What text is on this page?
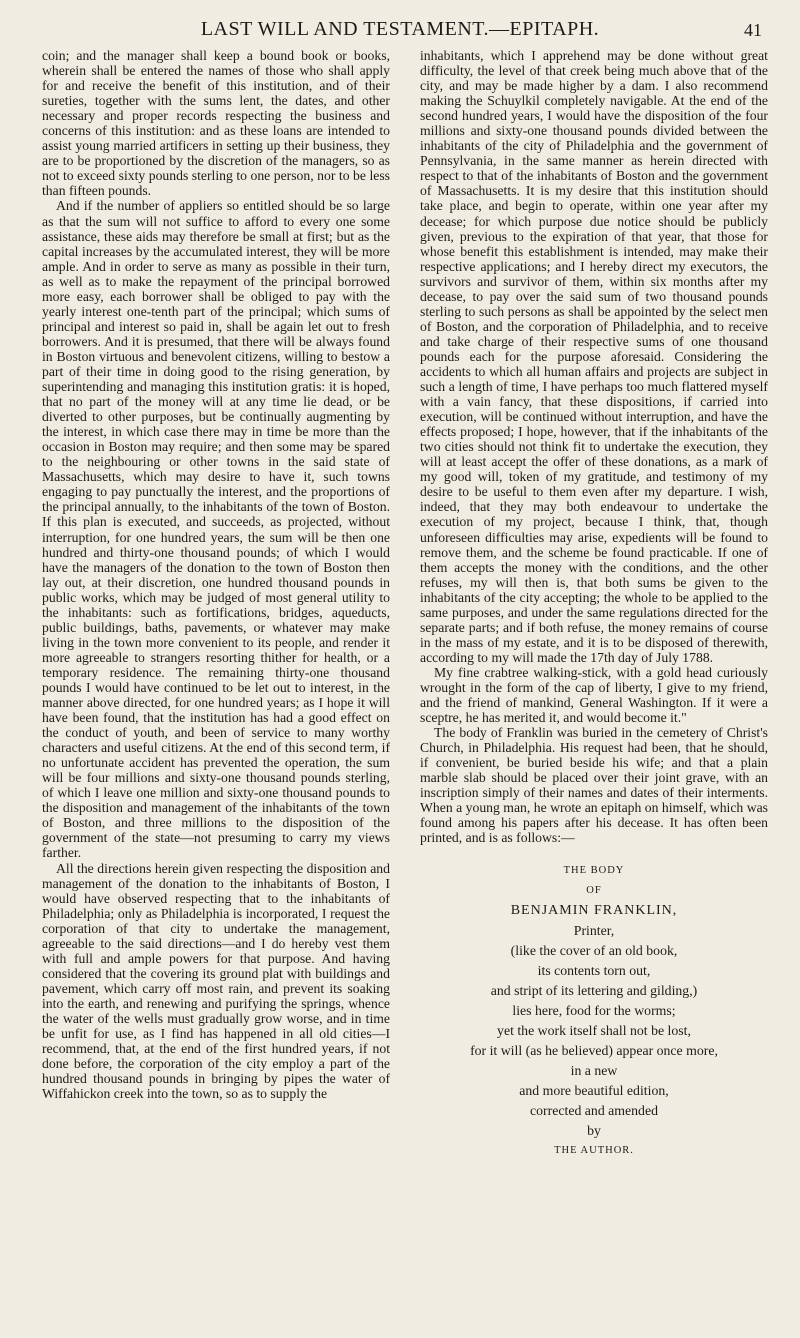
LAST WILL AND TESTAMENT.—EPITAPH.	41

coin; and the manager shall keep a bound book or books, wherein shall be entered the names of those who shall apply for and receive the benefit of this institution, and of their sureties, together with the sums lent, the dates, and other necessary and proper records respecting the business and concerns of this institution: and as these loans are intended to assist young married artificers in setting up their business, they are to be proportioned by the discretion of the managers, so as not to exceed sixty pounds sterling to one person, nor to be less than fifteen pounds.

And if the number of appliers so entitled should be so large as that the sum will not suffice to afford to every one some assistance, these aids may therefore be small at first; but as the capital increases by the accumulated interest, they will be more ample. And in order to serve as many as possible in their turn, as well as to make the repayment of the principal borrowed more easy, each borrower shall be obliged to pay with the yearly interest one-tenth part of the principal; which sums of principal and interest so paid in, shall be again let out to fresh borrowers. And it is presumed, that there will be always found in Boston virtuous and benevolent citizens, willing to bestow a part of their time in doing good to the rising generation, by superintending and managing this institution gratis: it is hoped, that no part of the money will at any time lie dead, or be diverted to other purposes, but be continually augmenting by the interest, in which case there may in time be more than the occasion in Boston may require; and then some may be spared to the neighbouring or other towns in the said state of Massachusetts, which may desire to have it, such towns engaging to pay punctually the interest, and the proportions of the principal annually, to the inhabitants of the town of Boston. If this plan is executed, and succeeds, as projected, without interruption, for one hundred years, the sum will be then one hundred and thirty-one thousand pounds; of which I would have the managers of the donation to the town of Boston then lay out, at their discretion, one hundred thousand pounds in public works, which may be judged of most general utility to the inhabitants: such as fortifications, bridges, aqueducts, public buildings, baths, pavements, or whatever may make living in the town more convenient to its people, and render it more agreeable to strangers resorting thither for health, or a temporary residence. The remaining thirty-one thousand pounds I would have continued to be let out to interest, in the manner above directed, for one hundred years; as I hope it will have been found, that the institution has had a good effect on the conduct of youth, and been of service to many worthy characters and useful citizens. At the end of this second term, if no unfortunate accident has prevented the operation, the sum will be four millions and sixty-one thousand pounds sterling, of which I leave one million and sixty-one thousand pounds to the disposition and management of the inhabitants of the town of Boston, and three millions to the disposition of the government of the state—not presuming to carry my views farther.

All the directions herein given respecting the disposition and management of the donation to the inhabitants of Boston, I would have observed respecting that to the inhabitants of Philadelphia; only as Philadelphia is incorporated, I request the corporation of that city to undertake the management, agreeable to the said directions—and I do hereby vest them with full and ample powers for that purpose. And having considered that the covering its ground plat with buildings and pavement, which carry off most rain, and prevent its soaking into the earth, and renewing and purifying the springs, whence the water of the wells must gradually grow worse, and in time be unfit for use, as I find has happened in all old cities—I recommend, that, at the end of the first hundred years, if not done before, the corporation of the city employ a part of the hundred thousand pounds in bringing by pipes the water of Wiffahickon creek into the town, so as to supply the

inhabitants, which I apprehend may be done without great difficulty, the level of that creek being much above that of the city, and may be made higher by a dam. I also recommend making the Schuylkil completely navigable. At the end of the second hundred years, I would have the disposition of the four millions and sixty-one thousand pounds divided between the inhabitants of the city of Philadelphia and the government of Pennsylvania, in the same manner as herein directed with respect to that of the inhabitants of Boston and the government of Massachusetts. It is my desire that this institution should take place, and begin to operate, within one year after my decease; for which purpose due notice should be publicly given, previous to the expiration of that year, that those for whose benefit this establishment is intended, may make their respective applications; and I hereby direct my executors, the survivors and survivor of them, within six months after my decease, to pay over the said sum of two thousand pounds sterling to such persons as shall be appointed by the select men of Boston, and the corporation of Philadelphia, and to receive and take charge of their respective sums of one thousand pounds each for the purpose aforesaid. Considering the accidents to which all human affairs and projects are subject in such a length of time, I have perhaps too much flattered myself with a vain fancy, that these dispositions, if carried into execution, will be continued without interruption, and have the effects proposed; I hope, however, that if the inhabitants of the two cities should not think fit to undertake the execution, they will at least accept the offer of these donations, as a mark of my good will, token of my gratitude, and testimony of my desire to be useful to them even after my departure. I wish, indeed, that they may both endeavour to undertake the execution of my project, because I think, that, though unforeseen difficulties may arise, expedients will be found to remove them, and the scheme be found practicable. If one of them accepts the money with the conditions, and the other refuses, my will then is, that both sums be given to the inhabitants of the city accepting; the whole to be applied to the same purposes, and under the same regulations directed for the separate parts; and if both refuse, the money remains of course in the mass of my estate, and it is to be disposed of therewith, according to my will made the 17th day of July 1788.

My fine crabtree walking-stick, with a gold head curiously wrought in the form of the cap of liberty, I give to my friend, and the friend of mankind, General Washington. If it were a sceptre, he has merited it, and would become it."

The body of Franklin was buried in the cemetery of Christ's Church, in Philadelphia. His request had been, that he should, if convenient, be buried beside his wife; and that a plain marble slab should be placed over their joint grave, with an inscription simply of their names and dates of their interments. When a young man, he wrote an epitaph on himself, which was found among his papers after his decease. It has often been printed, and is as follows:—

THE BODY
OF
BENJAMIN FRANKLIN,
Printer,
(like the cover of an old book,
its contents torn out,
and stript of its lettering and gilding,)
lies here, food for the worms;
yet the work itself shall not be lost,
for it will (as he believed) appear once more,
in a new
and more beautiful edition,
corrected and amended
by
THE AUTHOR.
